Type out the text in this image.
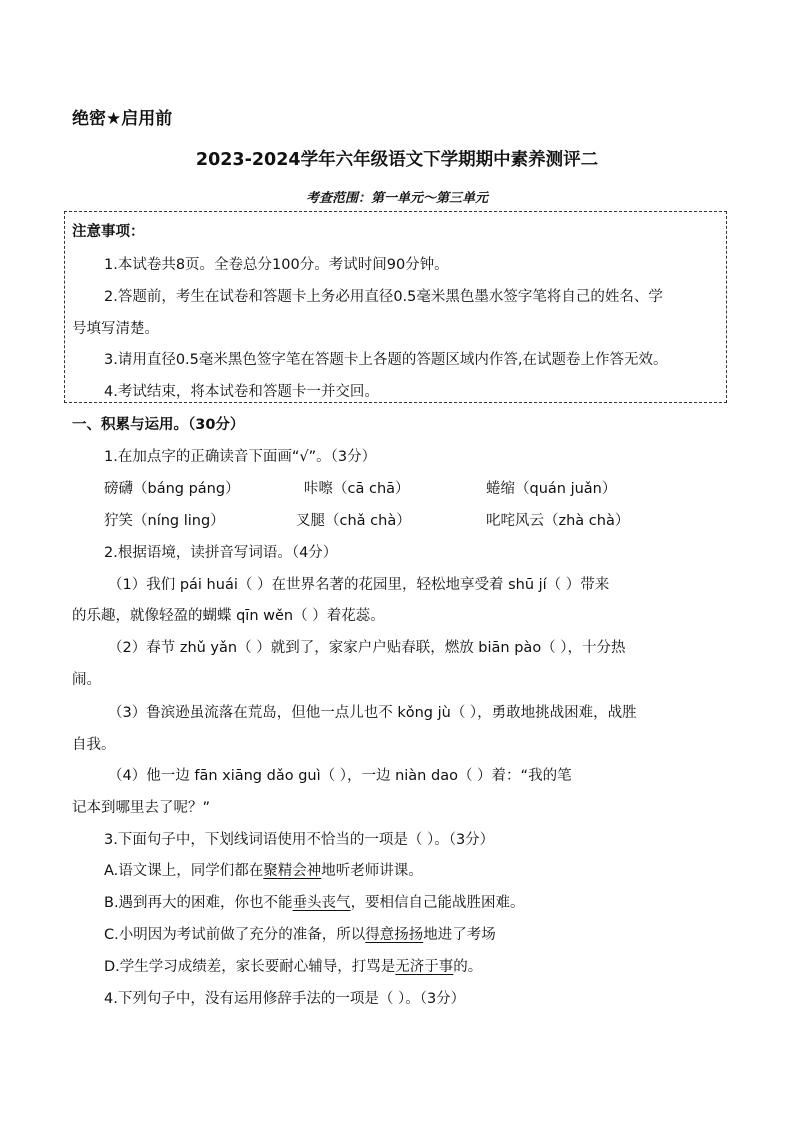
绝密★启用前
2023-2024学年六年级语文下学期期中素养测评二
考查范围：第一单元～第三单元
注意事项：
1.本试卷共8页。全卷总分100分。考试时间90分钟。
2.答题前，考生在试卷和答题卡上务必用直径0.5毫米黑色墨水签字笔将自己的姓名、学
号填写清楚。
3.请用直径0.5毫米黑色签字笔在答题卡上各题的答题区域内作答,在试题卷上作答无效。
4.考试结束，将本试卷和答题卡一并交回。
一、积累与运用。（30分）
1.在加点字的正确读音下面画“√”。（3分）
磅礴（báng páng）	咔嚓（cā chā）	蜷缩（quán juǎn）
狞笑（níng ling）	叉腿（chǎ chà）	叱咤风云（zhà chà）
2.根据语境，读拼音写词语。（4分）
（1）我们 pái huái（ ）在世界名著的花园里，轻松地享受着 shū jí（ ）带来
的乐趣，就像轻盈的蝴蝶 qīn wěn（ ）着花蕊。
（2）春节 zhǔ yǎn（ ）就到了，家家户户贴春联，燃放 biān pào（ ），十分热
闹。
（3）鲁滨逊虽流落在荒岛，但他一点儿也不 kǒng jù（ ），勇敢地挑战困难，战胜
自我。
（4）他一边 fān xiāng dǎo guì（ ），一边 niàn dao（ ）着：“我的笔
记本到哪里去了呢？”
3.下面句子中，下划线词语使用不恰当的一项是（ ）。（3分）
A.语文课上，同学们都在聚精会神地听老师讲课。
B.遇到再大的困难，你也不能垂头丧气，要相信自己能战胜困难。
C.小明因为考试前做了充分的准备，所以得意扬扬地进了考场
D.学生学习成绩差，家长要耐心辅导，打骂是无济于事的。
4.下列句子中，没有运用修辞手法的一项是（ ）。（3分）
